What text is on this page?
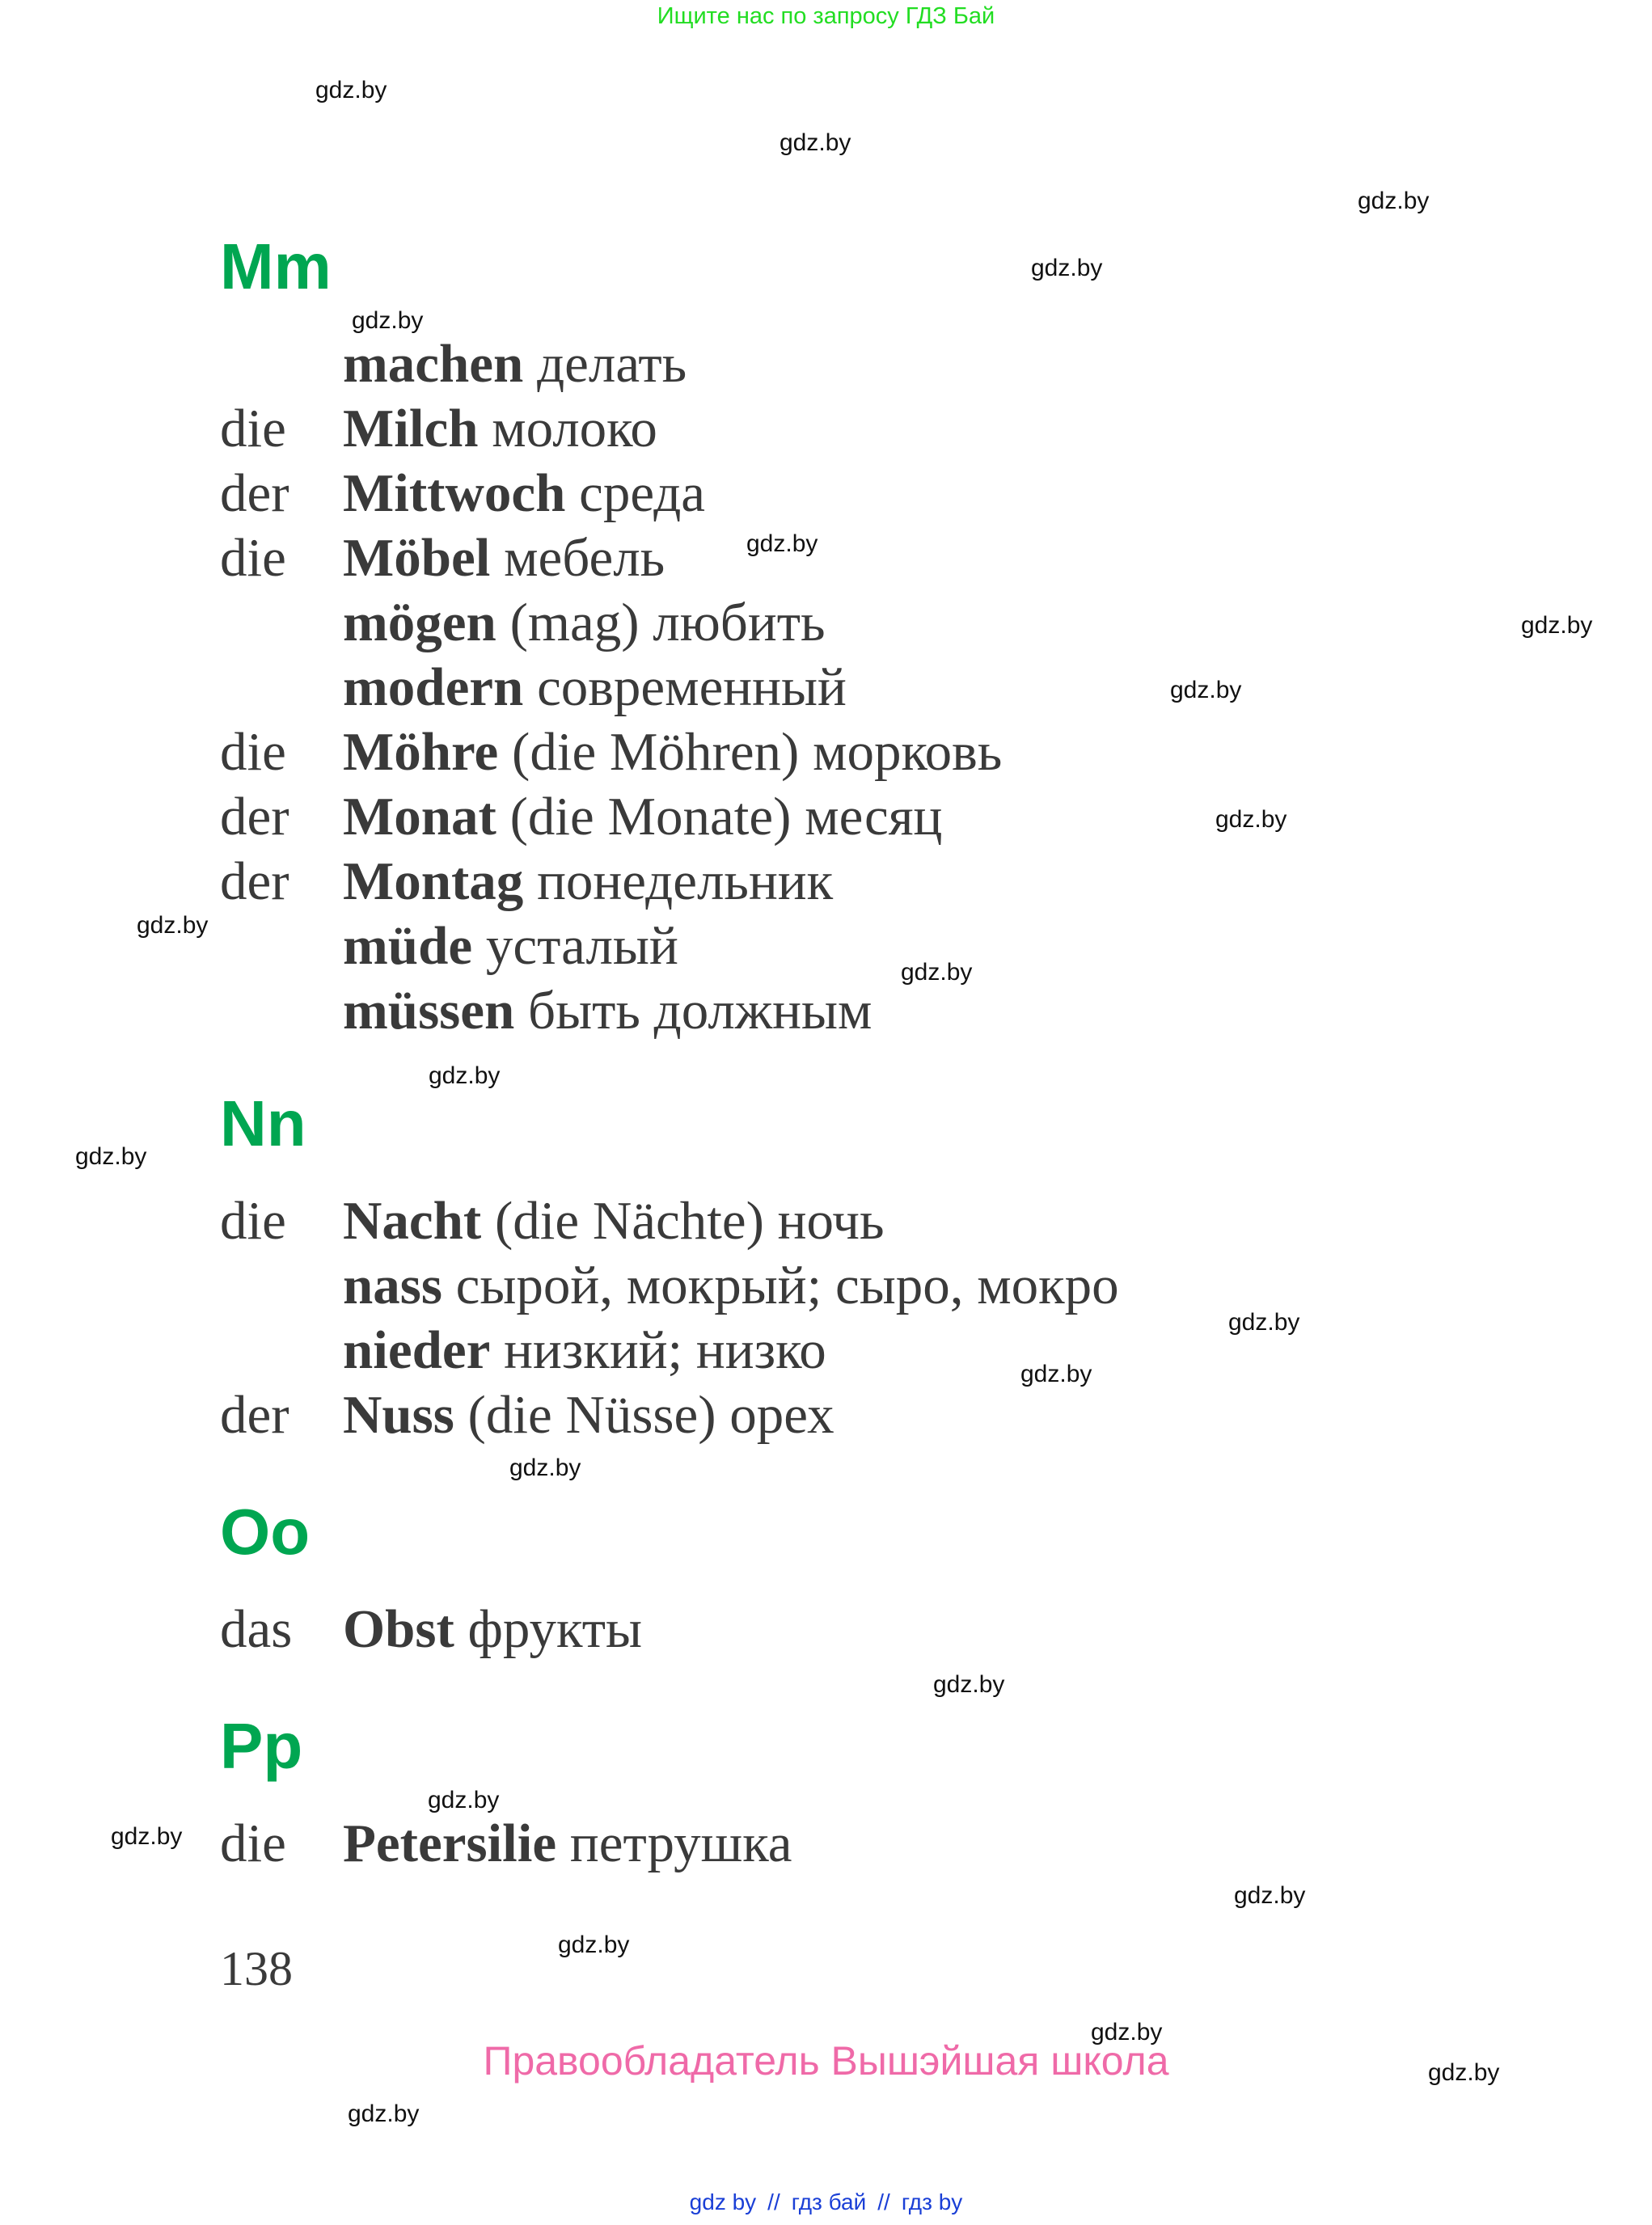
Ищите нас по запросу ГДЗ Бай
Mm
machen делать
die Milch молоко
der Mittwoch среда
die Möbel мебель
mögen (mag) любить
modern современный
die Möhre (die Möhren) морковь
der Monat (die Monate) месяц
der Montag понедельник
müde усталый
müssen быть должным
Nn
die Nacht (die Nächte) ночь
nass сырой, мокрый; сыро, мокро
nieder низкий; низко
der Nuss (die Nüsse) орех
Oo
das Obst фрукты
Pp
die Petersilie петрушка
138
Правообладатель Вышэйшая школа
gdz by // гдз бай // гдз by
gdz.by
gdz.by
gdz.by
gdz.by
gdz.by
gdz.by
gdz.by
gdz.by
gdz.by
gdz.by
gdz.by
gdz.by
gdz.by
gdz.by
gdz.by
gdz.by
gdz.by
gdz.by
gdz.by
gdz.by
gdz.by
gdz.by
gdz.by
gdz.by
